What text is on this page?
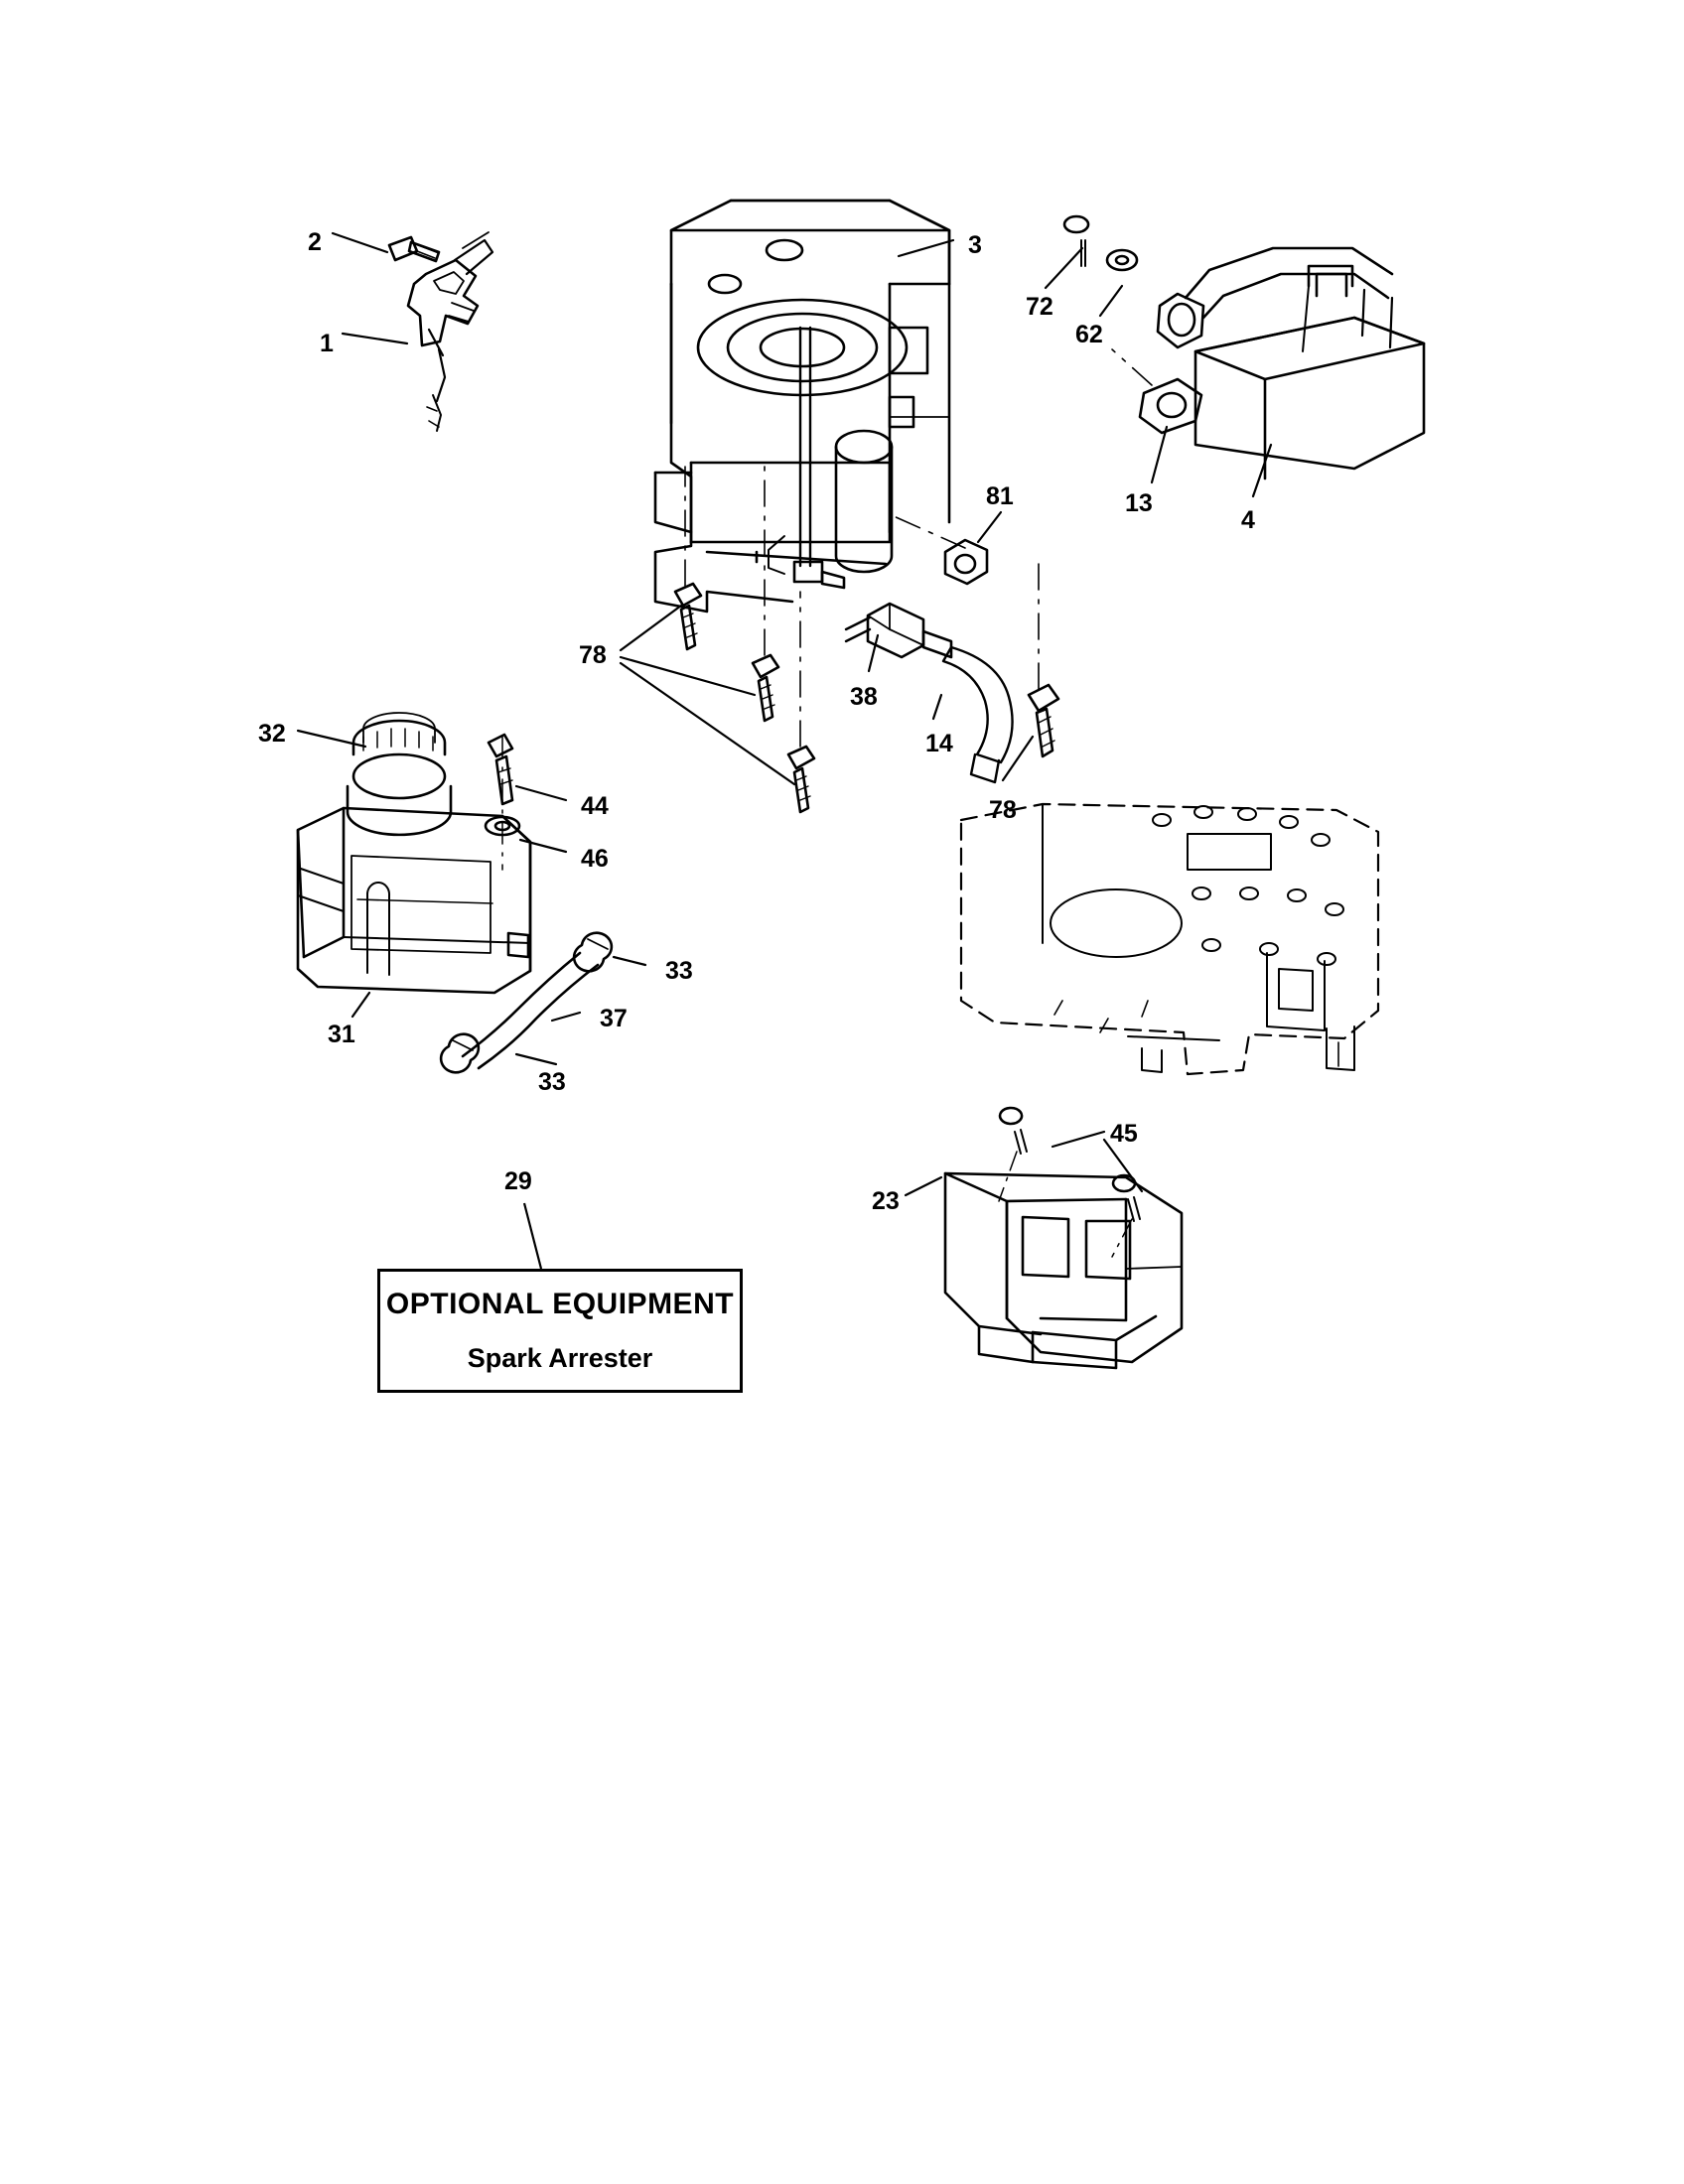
2
1
3
72
62
13
4
81
78
38
14
78
32
44
46
33
37
31
33
29
45
23
OPTIONAL EQUIPMENT
Spark Arrester
